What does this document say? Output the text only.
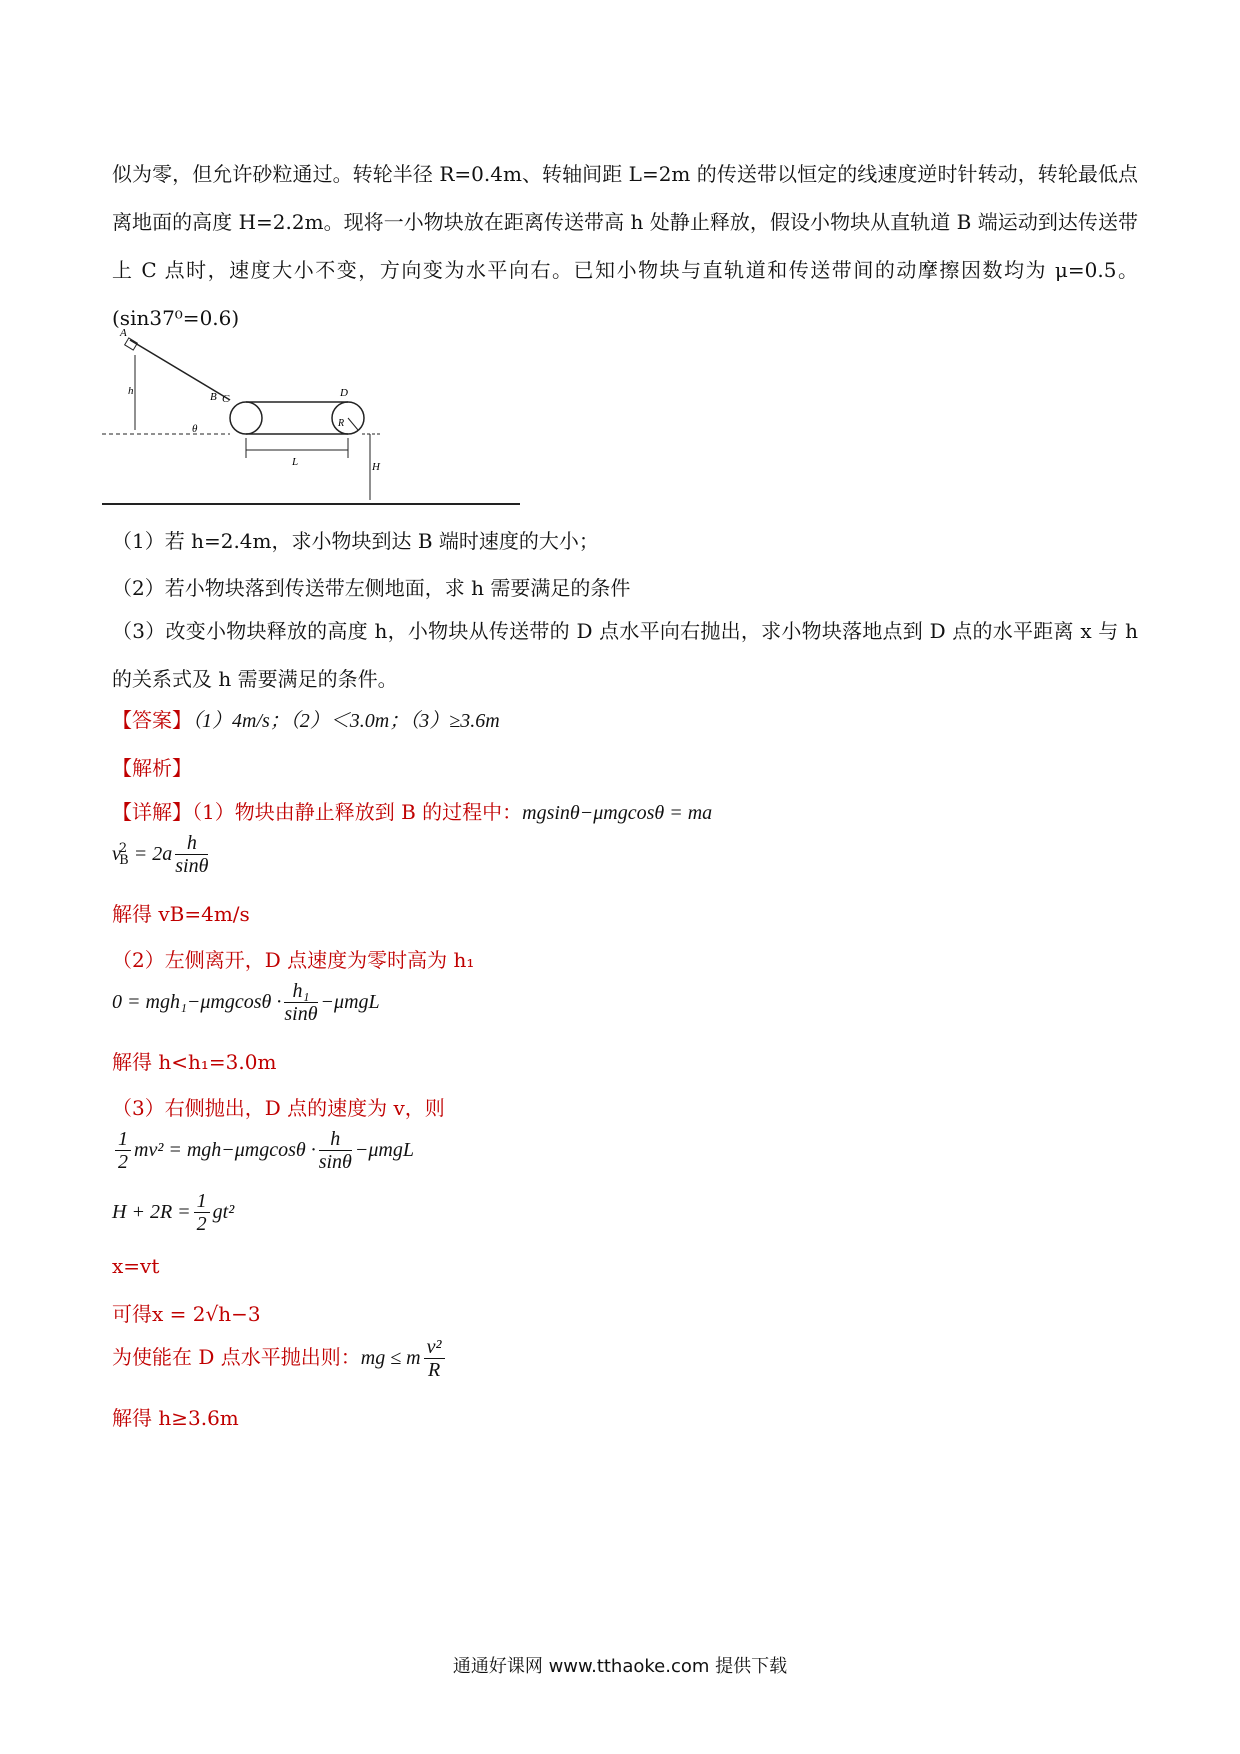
似为零，但允许砂粒通过。转轮半径 R=0.4m、转轴间距 L=2m 的传送带以恒定的线速度逆时针转动，转轮最低点离地面的高度 H=2.2m。现将一小物块放在距离传送带高 h 处静止释放，假设小物块从直轨道 B 端运动到达传送带上 C 点时，速度大小不变，方向变为水平向右。已知小物块与直轨道和传送带间的动摩擦因数均为 μ=0.5。(sin37⁰=0.6)
A
h
θ
B C	D
R
L	H
（1）若 h=2.4m，求小物块到达 B 端时速度的大小；
（2）若小物块落到传送带左侧地面，求 h 需要满足的条件
（3）改变小物块释放的高度 h，小物块从传送带的 D 点水平向右抛出，求小物块落地点到 D 点的水平距离 x 与 h 的关系式及 h 需要满足的条件。
【答案】（1）4m/s；（2）＜3.0m；（3）≥3.6m
【解析】
【详解】（1）物块由静止释放到 B 的过程中：mgsinθ−μmgcosθ = ma
$v^2_B = 2a \frac{h}{\sin\theta}$
解得 vB=4m/s
（2）左侧离开，D 点速度为零时高为 h₁
$0 = mgh_1-\mu mgcos\theta \cdot \frac{\text{h₁}}{\sin\theta} -\mu mgL$
解得 h<h₁=3.0m
（3）右侧抛出，D 点的速度为 v，则
$\frac{1}{2} mv^2 = mgh-\mu mgcos\theta \cdot \frac{h}{\sin\theta} -\mu mgL$
$H + 2R = \frac{1}{2} gt^2$
x=vt
可得x = 2√h−3
为使能在 D 点水平抛出则：mg ≤ m $\frac{\text{v²}}{R}$
解得 h≥3.6m
通通好课网 www.tthaoke.com 提供下载
